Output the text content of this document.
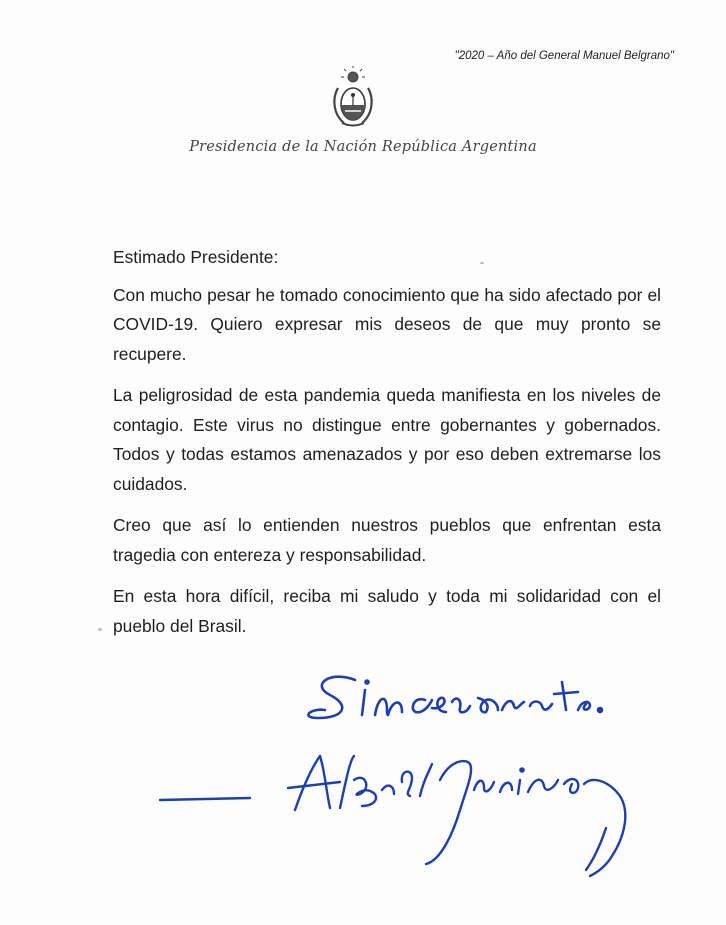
"2020 – Año del General Manuel Belgrano"
Presidencia de la Nación República Argentina

Estimado Presidente:

Con mucho pesar he tomado conocimiento que ha sido afectado por el COVID-19. Quiero expresar mis deseos de que muy pronto se recupere.

La peligrosidad de esta pandemia queda manifiesta en los niveles de contagio. Este virus no distingue entre gobernantes y gobernados. Todos y todas estamos amenazados y por eso deben extremarse los cuidados.

Creo que así lo entienden nuestros pueblos que enfrentan esta tragedia con entereza y responsabilidad.

En esta hora difícil, reciba mi saludo y toda mi solidaridad con el pueblo del Brasil.
